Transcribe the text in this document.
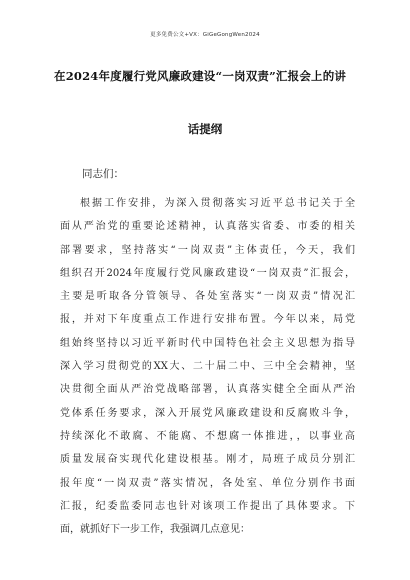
更多免费公文+VX：GiGeGongWen2024
在2024年度履行党风廉政建设“一岗双责”汇报会上的讲
话提纲
同志们：
根据工作安排，为深入贯彻落实习近平总书记关于全
面从严治党的重要论述精神，认真落实省委、市委的相关
部署要求，坚持落实“一岗双责”主体责任，今天，我们
组织召开2024年度履行党风廉政建设“一岗双责”汇报会，
主要是听取各分管领导、各处室落实“一岗双责”情况汇
报，并对下年度重点工作进行安排布置。今年以来，局党
组始终坚持以习近平新时代中国特色社会主义思想为指导
深入学习贯彻党的XX大、二十届二中、三中全会精神，坚
决贯彻全面从严治党战略部署，认真落实健全全面从严治
党体系任务要求，深入开展党风廉政建设和反腐败斗争，
持续深化不敢腐、不能腐、不想腐一体推进，，以事业高
质量发展奋实现代化建设根基。刚才，局班子成员分别汇
报年度“一岗双责”落实情况，各处室、单位分别作书面
汇报，纪委监委同志也针对该项工作提出了具体要求。下
面，就抓好下一步工作，我强调几点意见：
